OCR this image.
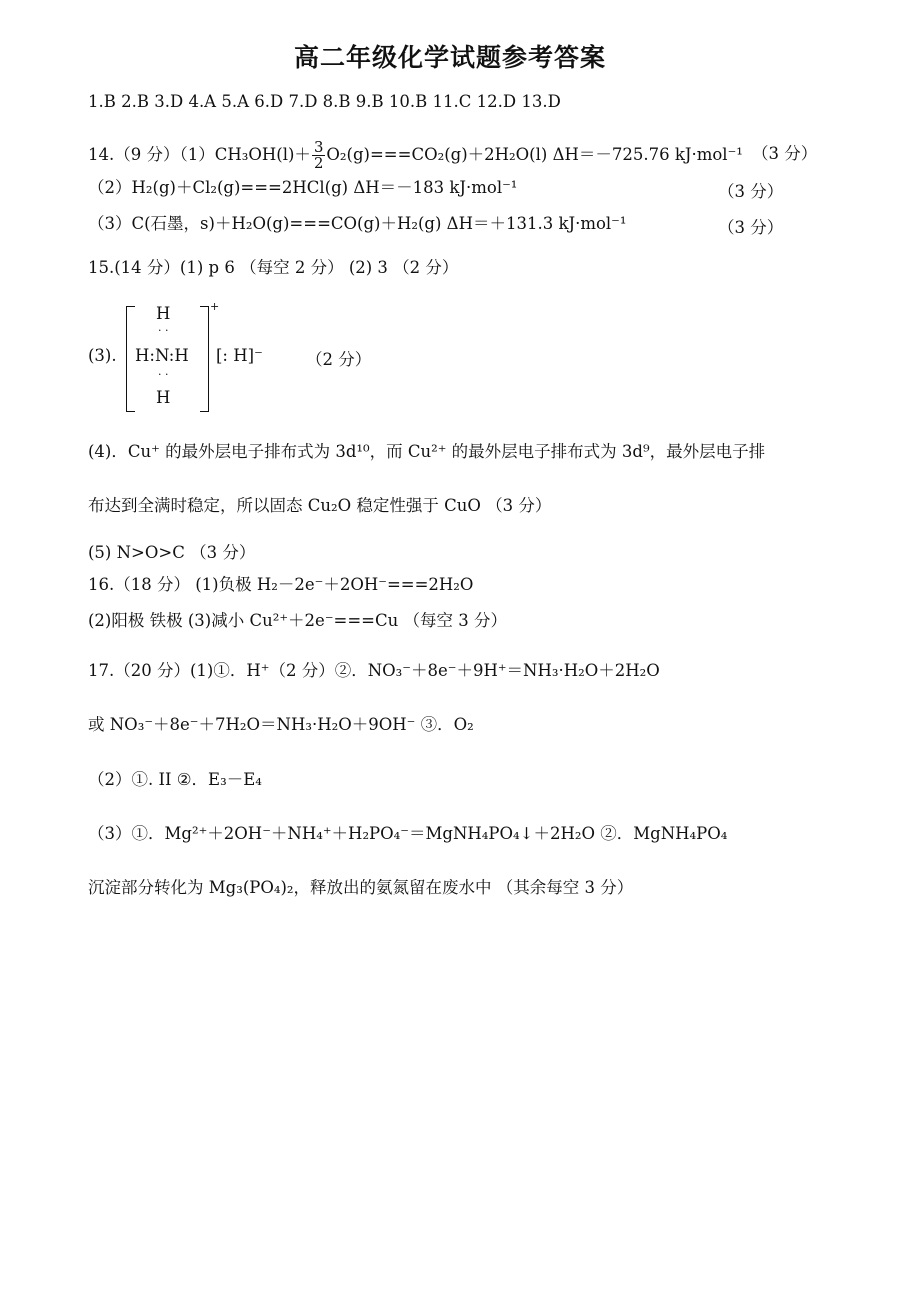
高二年级化学试题参考答案
1.B 2.B 3.D 4.A 5.A 6.D 7.D 8.B 9.B 10.B 11.C 12.D 13.D
14.（9 分）$(1)CH_3OH(l)+ \frac{3}{2} O_2(g)===CO_2(g)+2H_2O(l)$ ΔH＝－725.76 kJ·mol⁻¹ （3 分）
（2）H₂(g)＋Cl₂(g)===2HCl(g) ΔH＝－183 kJ·mol⁻¹	（3 分）
（3）C(石墨，s)＋H₂O(g)===CO(g)＋H₂(g) ΔH＝＋131.3 kJ·mol⁻¹	（3 分）
15.(14 分）(1) p 6 （每空 2 分） (2) 3 （2 分）
(3).
H
· ·
H:N:H
· ·
H
+
[: H]⁻	（2 分）
(4)．Cu⁺ 的最外层电子排布式为 3d¹⁰，而 Cu²⁺ 的最外层电子排布式为 3d⁹，最外层电子排
布达到全满时稳定，所以固态 Cu₂O 稳定性强于 CuO （3 分）
(5) N>O>C （3 分）
16.（18 分） (1)负极 H₂－2e⁻＋2OH⁻===2H₂O
(2)阳极 铁极 (3)减小 Cu²⁺＋2e⁻===Cu （每空 3 分）
17.（20 分）(1)①．H⁺（2 分）②．NO₃⁻＋8e⁻＋9H⁺＝NH₃·H₂O＋2H₂O
或 NO₃⁻＋8e⁻＋7H₂O＝NH₃·H₂O＋9OH⁻ ③．O₂
（2）①. II ②．E₃－E₄
（3）①．Mg²⁺＋2OH⁻＋NH₄⁺＋H₂PO₄⁻＝MgNH₄PO₄↓＋2H₂O ②．MgNH₄PO₄
沉淀部分转化为 Mg₃(PO₄)₂，释放出的氨氮留在废水中 （其余每空 3 分）
